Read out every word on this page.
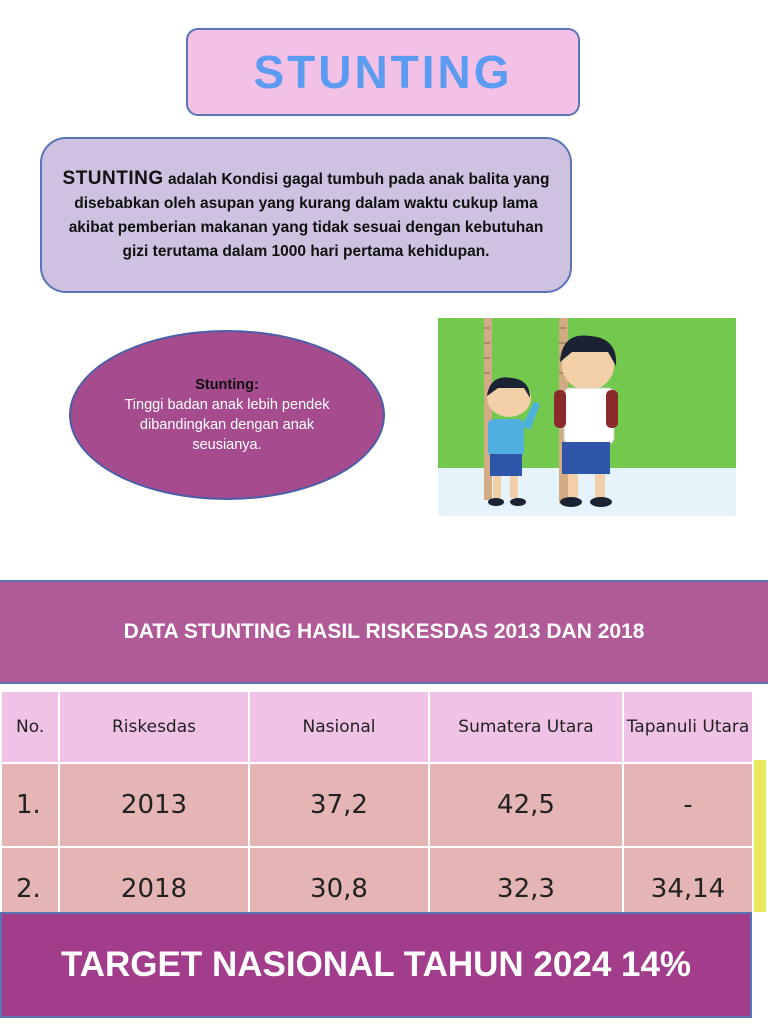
STUNTING
STUNTING adalah Kondisi gagal tumbuh pada anak balita yang disebabkan oleh asupan yang kurang dalam waktu cukup lama akibat pemberian makanan yang tidak sesuai dengan kebutuhan gizi terutama dalam 1000 hari pertama kehidupan.
Stunting:
Tinggi badan anak lebih pendek dibandingkan dengan anak seusianya.
DATA STUNTING HASIL RISKESDAS 2013 DAN 2018
No.	Riskesdas	Nasional	Sumatera Utara	Tapanuli Utara
1.	2013	37,2	42,5	-
2.	2018	30,8	32,3	34,14
TARGET NASIONAL TAHUN 2024 14%
